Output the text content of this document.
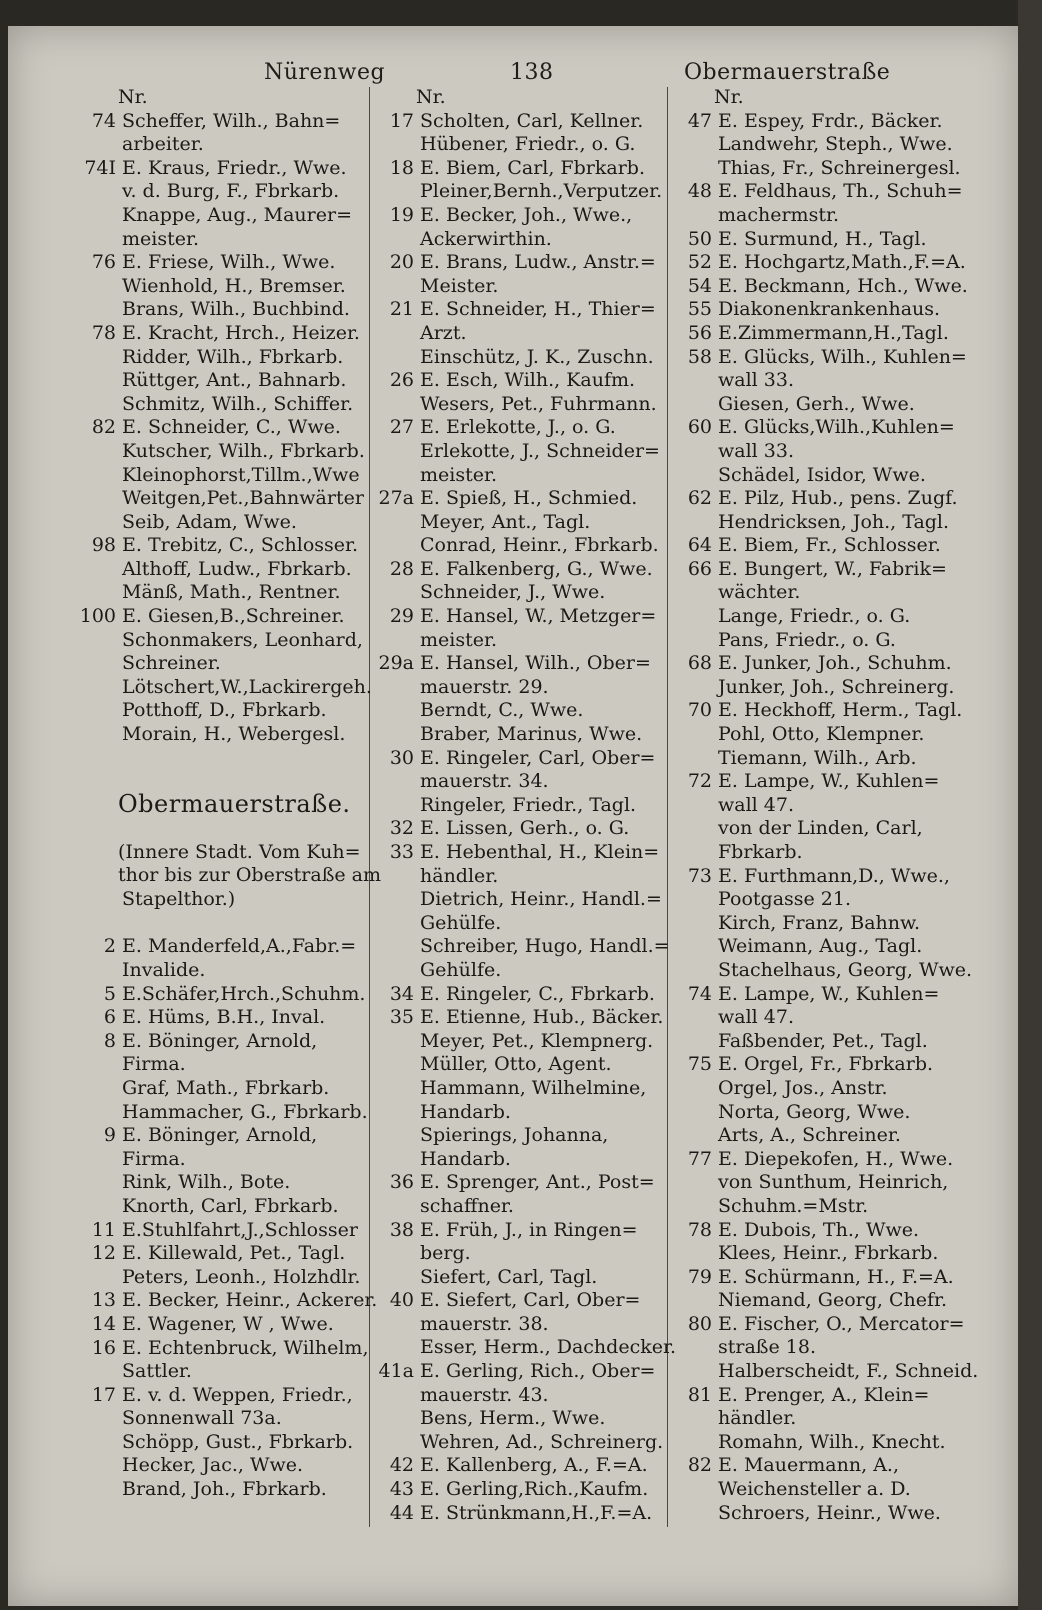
Nürenweg	138	Obermauerstraße
Nr.
74 Scheffer, Wilh., Bahn=
arbeiter.
74I E. Kraus, Friedr., Wwe.
v. d. Burg, F., Fbrkarb.
Knappe, Aug., Maurer=
meister.
76 E. Friese, Wilh., Wwe.
Wienhold, H., Bremser.
Brans, Wilh., Buchbind.
78 E. Kracht, Hrch., Heizer.
Ridder, Wilh., Fbrkarb.
Rüttger, Ant., Bahnarb.
Schmitz, Wilh., Schiffer.
82 E. Schneider, C., Wwe.
Kutscher, Wilh., Fbrkarb.
Kleinophorst,Tillm.,Wwe
Weitgen,Pet.,Bahnwärter
Seib, Adam, Wwe.
98 E. Trebitz, C., Schlosser.
Althoff, Ludw., Fbrkarb.
Mänß, Math., Rentner.
100 E. Giesen,B.,Schreiner.
Schonmakers, Leonhard,
Schreiner.
Lötschert,W.,Lackirergeh.
Potthoff, D., Fbrkarb.
Morain, H., Webergesl.
Obermauerstraße.
(Innere Stadt. Vom Kuh=
thor bis zur Oberstraße am
Stapelthor.)
2 E. Manderfeld,A.,Fabr.=
Invalide.
5 E.Schäfer,Hrch.,Schuhm.
6 E. Hüms, B.H., Inval.
8 E. Böninger, Arnold,
Firma.
Graf, Math., Fbrkarb.
Hammacher, G., Fbrkarb.
9 E. Böninger, Arnold,
Firma.
Rink, Wilh., Bote.
Knorth, Carl, Fbrkarb.
11 E.Stuhlfahrt,J.,Schlosser
12 E. Killewald, Pet., Tagl.
Peters, Leonh., Holzhdlr.
13 E. Becker, Heinr., Ackerer.
14 E. Wagener, W , Wwe.
16 E. Echtenbruck, Wilhelm,
Sattler.
17 E. v. d. Weppen, Friedr.,
Sonnenwall 73a.
Schöpp, Gust., Fbrkarb.
Hecker, Jac., Wwe.
Brand, Joh., Fbrkarb.
Nr.
17 Scholten, Carl, Kellner.
Hübener, Friedr., o. G.
18 E. Biem, Carl, Fbrkarb.
Pleiner,Bernh.,Verputzer.
19 E. Becker, Joh., Wwe.,
Ackerwirthin.
20 E. Brans, Ludw., Anstr.=
Meister.
21 E. Schneider, H., Thier=
Arzt.
Einschütz, J. K., Zuschn.
26 E. Esch, Wilh., Kaufm.
Wesers, Pet., Fuhrmann.
27 E. Erlekotte, J., o. G.
Erlekotte, J., Schneider=
meister.
27a E. Spieß, H., Schmied.
Meyer, Ant., Tagl.
Conrad, Heinr., Fbrkarb.
28 E. Falkenberg, G., Wwe.
Schneider, J., Wwe.
29 E. Hansel, W., Metzger=
meister.
29a E. Hansel, Wilh., Ober=
mauerstr. 29.
Berndt, C., Wwe.
Braber, Marinus, Wwe.
30 E. Ringeler, Carl, Ober=
mauerstr. 34.
Ringeler, Friedr., Tagl.
32 E. Lissen, Gerh., o. G.
33 E. Hebenthal, H., Klein=
händler.
Dietrich, Heinr., Handl.=
Gehülfe.
Schreiber, Hugo, Handl.=
Gehülfe.
34 E. Ringeler, C., Fbrkarb.
35 E. Etienne, Hub., Bäcker.
Meyer, Pet., Klempnerg.
Müller, Otto, Agent.
Hammann, Wilhelmine,
Handarb.
Spierings, Johanna,
Handarb.
36 E. Sprenger, Ant., Post=
schaffner.
38 E. Früh, J., in Ringen=
berg.
Siefert, Carl, Tagl.
40 E. Siefert, Carl, Ober=
mauerstr. 38.
Esser, Herm., Dachdecker.
41a E. Gerling, Rich., Ober=
mauerstr. 43.
Bens, Herm., Wwe.
Wehren, Ad., Schreinerg.
42 E. Kallenberg, A., F.=A.
43 E. Gerling,Rich.,Kaufm.
44 E. Strünkmann,H.,F.=A.
Nr.
47 E. Espey, Frdr., Bäcker.
Landwehr, Steph., Wwe.
Thias, Fr., Schreinergesl.
48 E. Feldhaus, Th., Schuh=
machermstr.
50 E. Surmund, H., Tagl.
52 E. Hochgartz,Math.,F.=A.
54 E. Beckmann, Hch., Wwe.
55 Diakonenkrankenhaus.
56 E.Zimmermann,H.,Tagl.
58 E. Glücks, Wilh., Kuhlen=
wall 33.
Giesen, Gerh., Wwe.
60 E. Glücks,Wilh.,Kuhlen=
wall 33.
Schädel, Isidor, Wwe.
62 E. Pilz, Hub., pens. Zugf.
Hendricksen, Joh., Tagl.
64 E. Biem, Fr., Schlosser.
66 E. Bungert, W., Fabrik=
wächter.
Lange, Friedr., o. G.
Pans, Friedr., o. G.
68 E. Junker, Joh., Schuhm.
Junker, Joh., Schreinerg.
70 E. Heckhoff, Herm., Tagl.
Pohl, Otto, Klempner.
Tiemann, Wilh., Arb.
72 E. Lampe, W., Kuhlen=
wall 47.
von der Linden, Carl,
Fbrkarb.
73 E. Furthmann,D., Wwe.,
Pootgasse 21.
Kirch, Franz, Bahnw.
Weimann, Aug., Tagl.
Stachelhaus, Georg, Wwe.
74 E. Lampe, W., Kuhlen=
wall 47.
Faßbender, Pet., Tagl.
75 E. Orgel, Fr., Fbrkarb.
Orgel, Jos., Anstr.
Norta, Georg, Wwe.
Arts, A., Schreiner.
77 E. Diepekofen, H., Wwe.
von Sunthum, Heinrich,
Schuhm.=Mstr.
78 E. Dubois, Th., Wwe.
Klees, Heinr., Fbrkarb.
79 E. Schürmann, H., F.=A.
Niemand, Georg, Chefr.
80 E. Fischer, O., Mercator=
straße 18.
Halberscheidt, F., Schneid.
81 E. Prenger, A., Klein=
händler.
Romahn, Wilh., Knecht.
82 E. Mauermann, A.,
Weichensteller a. D.
Schroers, Heinr., Wwe.
